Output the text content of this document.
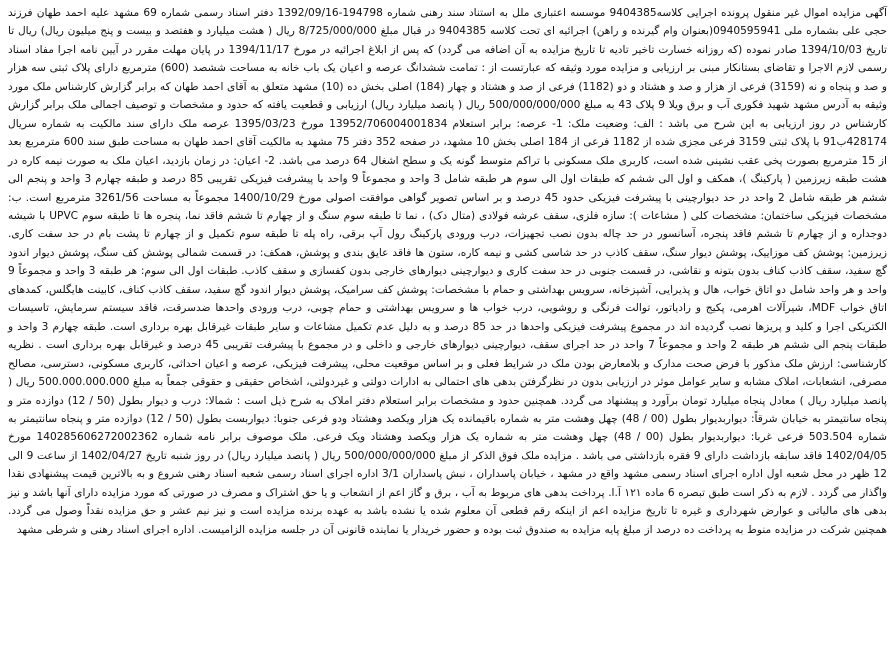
آگهی مزایده اموال غیر منقول پرونده اجرایی کلاسه9404385 موسسه اعتباری ملل به استناد سند رهنی شماره 194798-1392/09/16 دفتر اسناد رسمی شماره 69 مشهد علیه احمد طهان فرزند حجی علی بشماره ملی 0940595941(بعنوان وام گیرنده و راهن) اجرائیه ای تحت کلاسه 9404385 در قبال مبلغ 8/725/000/000 ریال ( هشت میلیارد و هفتصد و بیست و پنج میلیون ریال) ریال تا تاریخ 1394/10/03 صادر نموده (که روزانه خسارت تاخیر تادیه تا تاریخ مزایده به آن اضافه می گردد) که پس از ابلاغ اجرائیه در مورخ 1394/11/17 در پایان مهلت مقرر در آیین نامه اجرا مفاد اسناد رسمی لازم الاجرا و تقاضای بستانکار مبنی بر ارزیابی و مزایده مورد وثیقه که عبارتست از : تمامت ششدانگ عرصه و اعیان یک باب خانه به مساحت ششصد (600) مترمربع دارای پلاک ثبتی سه هزار و صد و پنجاه و نه (3159) فرعی از هزار و صد و هشتاد و دو (1182) فرعی از صد و هشتاد و چهار (184) اصلی بخش ده (10) مشهد متعلق به آقای احمد طهان که برابر گزارش کارشناس ملک مورد وثیقه به آدرس مشهد شهید فکوری آب و برق ویلا 9 پلاک 43 به مبلغ 500/000/000/000 ریال ( پانصد میلیارد ریال) ارزیابی و قطعیت یافته که حدود و مشخصات و توصیف اجمالی ملک برابر گزارش کارشناس در روز ارزیابی به این شرح می باشد : الف: وضعیت ملک: 1- عرصه: برابر استعلام 13952/706004001834 مورخ 1395/03/23 عرصه ملک دارای سند مالکیت به شماره سریال 428174ب91 با پلاک ثبتی 3159 فرعی مجزی شده از 1182 فرعی از 184 اصلی بخش 10 مشهد، در صفحه 352 دفتر 75 مشهد به مالکیت آقای احمد طهان به مساحت طبق سند 600 مترمربع بعد از 15 مترمربع بصورت پخی عقب نشینی شده است، کاربری ملک مسکونی با تراکم متوسط گونه یک و سطح اشغال 64 درصد می باشد. 2- اعیان: در زمان بازدید، اعیان ملک به صورت نیمه کاره در هشت طبقه زیرزمین ( پارکینگ )، همکف و اول الی ششم که طبقات اول الی سوم هر طبقه شامل 3 واحد و مجموعاً 9 واحد با پیشرفت فیزیکی تقریبی 85 درصد و طبقه چهارم 3 واحد و پنجم الی ششم هر طبقه شامل 2 واحد در حد دیوارچینی با پیشرفت فیزیکی حدود 45 درصد و بر اساس تصویر گواهی موافقت اصولی مورخ 1400/10/29 مجموعاً به مساحت 3261/56 مترمربع است. ب: مشخصات فیزیکی ساختمان: مشخصات کلی ( مشاعات ): سازه فلزی، سقف عرشه فولادی (متال دک) ، نما تا طبقه سوم سنگ و از چهارم تا ششم فاقد نما، پنجره ها تا طبقه سوم UPVC با شیشه دوجداره و از چهارم تا ششم فاقد پنجره، آسانسور در حد چاله بدون نصب تجهیزات، درب ورودی پارکینگ رول آپ برقی، راه پله تا طبقه سوم تکمیل و از چهارم تا پشت بام در حد سفت کاری. زیرزمین: پوشش کف موزاییک، پوشش دیوار سنگ، سقف کاذب در حد شاسی کشی و نیمه کاره، ستون ها فاقد عایق بندی و پوشش، همکف: در قسمت شمالی پوشش کف سنگ، پوشش دیوار اندود گچ سفید، سقف کاذب کناف بدون بتونه و نقاشی، در قسمت جنوبی در حد سفت کاری و دیوارچینی دیوارهای خارجی بدون کفسازی و سقف کاذب. طبقات اول الی سوم: هر طبقه 3 واحد و مجموعاً 9 واحد و هر واحد شامل دو اتاق خواب، هال و پذیرایی، آشپزخانه، سرویس بهداشتی و حمام با مشخصات: پوشش کف سرامیک، پوشش دیوار اندود گچ سفید، سقف کاذب کناف، کابینت هایگلس، کمدهای اتاق خواب MDF، شیرآلات اهرمی، پکیج و رادیاتور، توالت فرنگی و روشویی، درب خواب ها و سرویس بهداشتی و حمام چوبی، درب ورودی واحدها ضدسرقت، فاقد سیستم سرمایش، تاسیسات الکتریکی اجرا و کلید و پریزها نصب گردیده اند در مجموع پیشرفت فیزیکی واحدها در حد 85 درصد و به دلیل عدم تکمیل مشاعات و سایر طبقات غیرقابل بهره برداری است. طبقه چهارم 3 واحد و طبقات پنجم الی ششم هر طبقه 2 واحد و مجموعاً 7 واحد در حد اجرای سقف، دیوارچینی دیوارهای خارجی و داخلی و در مجموع با پیشرفت تقریبی 45 درصد و غیرقابل بهره برداری است . نظریه کارشناسی: ارزش ملک مذکور با فرض صحت مدارک و بلامعارض بودن ملک در شرایط فعلی و بر اساس موقعیت محلی، پیشرفت فیزیکی، عرصه و اعیان احداثی، کاربری مسکونی، دسترسی، مصالح مصرفی، انشعابات، املاک مشابه و سایر عوامل موثر در ارزیابی بدون در نظرگرفتن بدهی های احتمالی به ادارات دولتی و غیردولتی، اشخاص حقیقی و حقوقی جمعاً به مبلغ 500.000.000.000 ریال ( پانصد میلیارد ریال ) معادل پنجاه میلیارد تومان برآورد و پیشنهاد می گردد. همچنین حدود و مشخصات برابر استعلام دفتر املاک به شرح ذیل است : شمالا: درب و دیوار بطول (50 / 12) دوازده متر و پنجاه سانتیمتر به خیابان شرقاً: دیواربدیوار بطول (00 / 48) چهل وهشت متر به شماره باقیمانده یک هزار ویکصد وهشتاد ودو فرعی جنوبا: دیواربست بطول (50 / 12) دوازده متر و پنجاه سانتیمتر به شماره 503.504 فرعی غربا: دیواربدیوار بطول (00 / 48) چهل وهشت متر به شماره یک هزار ویکصد وهشتاد ویک فرعی. ملک موصوف برابر نامه شماره 140285606272002362 مورخ 1402/04/05 فاقد سابقه بازداشت دارای 9 فقره بازداشتی می باشد . مزایده ملک فوق الذکر از مبلغ 500/000/000/000 ریال ( پانصد میلیارد ریال) در روز شنبه تاریخ 1402/04/27 از ساعت 9 الی 12 ظهر در محل شعبه اول اداره اجرای اسناد رسمی مشهد واقع در مشهد ، خیابان پاسداران ، نبش پاسداران 3/1 اداره اجرای اسناد رسمی شعبه اسناد رهنی شروع و به بالاترین قیمت پیشنهادی نقدا واگذار می گردد . لازم به ذکر است طبق تبصره 6 ماده ۱۲۱ آ.ا. پرداخت بدهی های مربوط به آب ، برق و گاز اعم از انشعاب و یا حق اشتراک و مصرف در صورتی که مورد مزایده دارای آنها باشد و نیز بدهی های مالیاتی و عوارض شهرداری و غیره تا تاریخ مزایده اعم از اینکه رقم قطعی آن معلوم شده یا نشده باشد به عهده برنده مزایده است و نیز نیم عشر و حق مزایده نقداً وصول می گردد. همچنین شرکت در مزایده منوط به پرداخت ده درصد از مبلغ پایه مزایده به صندوق ثبت بوده و حضور خریدار یا نماینده قانونی آن در جلسه مزایده الزامیست. اداره اجرای اسناد رهنی و شرطی مشهد
